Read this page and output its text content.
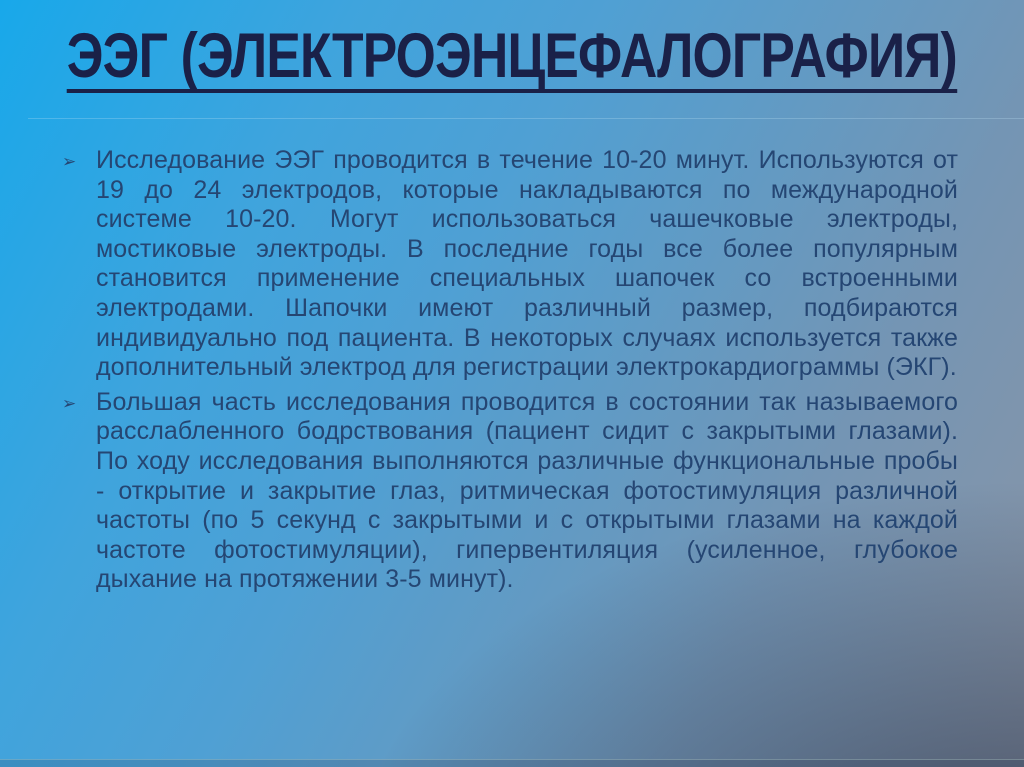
ЭЭГ (ЭЛЕКТРОЭНЦЕФАЛОГРАФИЯ)
➢ Исследование ЭЭГ проводится в течение 10-20 минут. Используются от 19 до 24 электродов, которые накладываются по международной системе 10-20. Могут использоваться чашечковые электроды, мостиковые электроды. В последние годы все более популярным становится применение специальных шапочек со встроенными электродами. Шапочки имеют различный размер, подбираются индивидуально под пациента. В некоторых случаях используется также дополнительный электрод для регистрации электрокардиограммы (ЭКГ).
➢ Большая часть исследования проводится в состоянии так называемого расслабленного бодрствования (пациент сидит с закрытыми глазами). По ходу исследования выполняются различные функциональные пробы - открытие и закрытие глаз, ритмическая фотостимуляция различной частоты (по 5 секунд с закрытыми и с открытыми глазами на каждой частоте фотостимуляции), гипервентиляция (усиленное, глубокое дыхание на протяжении 3-5 минут).
